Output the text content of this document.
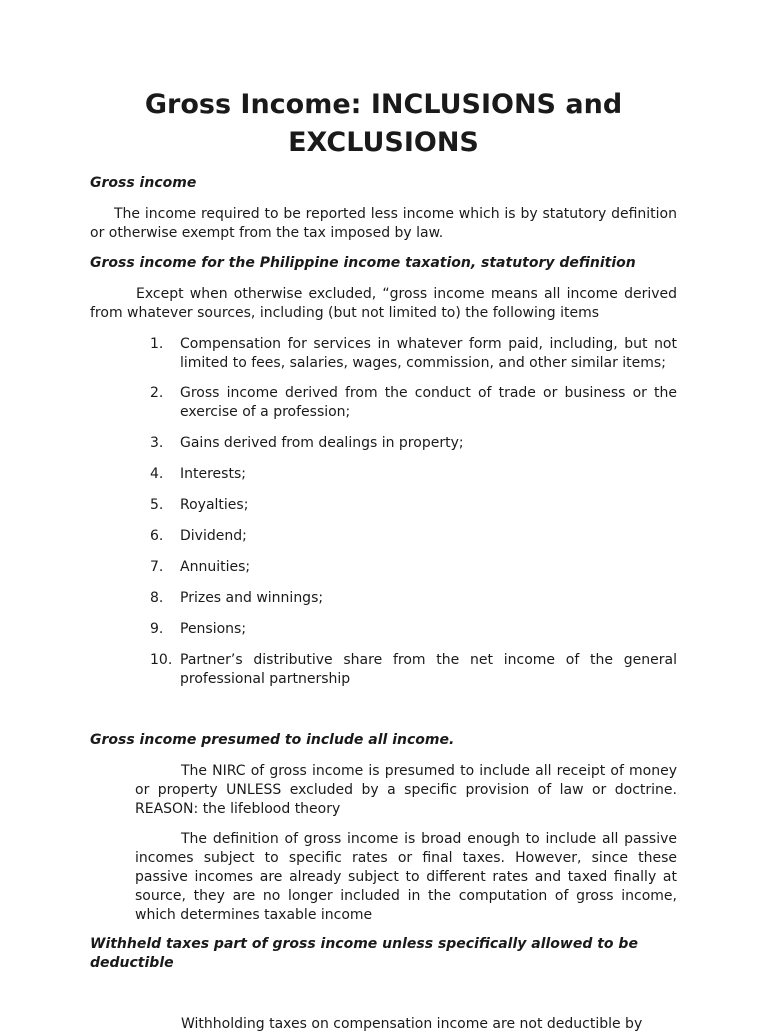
Gross Income: INCLUSIONS and
EXCLUSIONS

Gross income

The income required to be reported less income which is by statutory definition or otherwise exempt from the tax imposed by law.

Gross income for the Philippine income taxation, statutory definition

Except when otherwise excluded, “gross income means all income derived from whatever sources, including (but not limited to) the following items

1.	Compensation for services in whatever form paid, including, but not limited to fees, salaries, wages, commission, and other similar items;
2.	Gross income derived from the conduct of trade or business or the exercise of a profession;
3.	Gains derived from dealings in property;
4.	Interests;
5.	Royalties;
6.	Dividend;
7.	Annuities;
8.	Prizes and winnings;
9.	Pensions;
10. Partner’s distributive share from the net income of the general professional partnership

Gross income presumed to include all income.

The NIRC of gross income is presumed to include all receipt of money or property UNLESS excluded by a specific provision of law or doctrine. REASON: the lifeblood theory

The definition of gross income is broad enough to include all passive incomes subject to specific rates or final taxes. However, since these passive incomes are already subject to different rates and taxed finally at source, they are no longer included in the computation of gross income, which determines taxable income

Withheld taxes part of gross income unless specifically allowed to be deductible

Withholding taxes on compensation income are not deductible by
